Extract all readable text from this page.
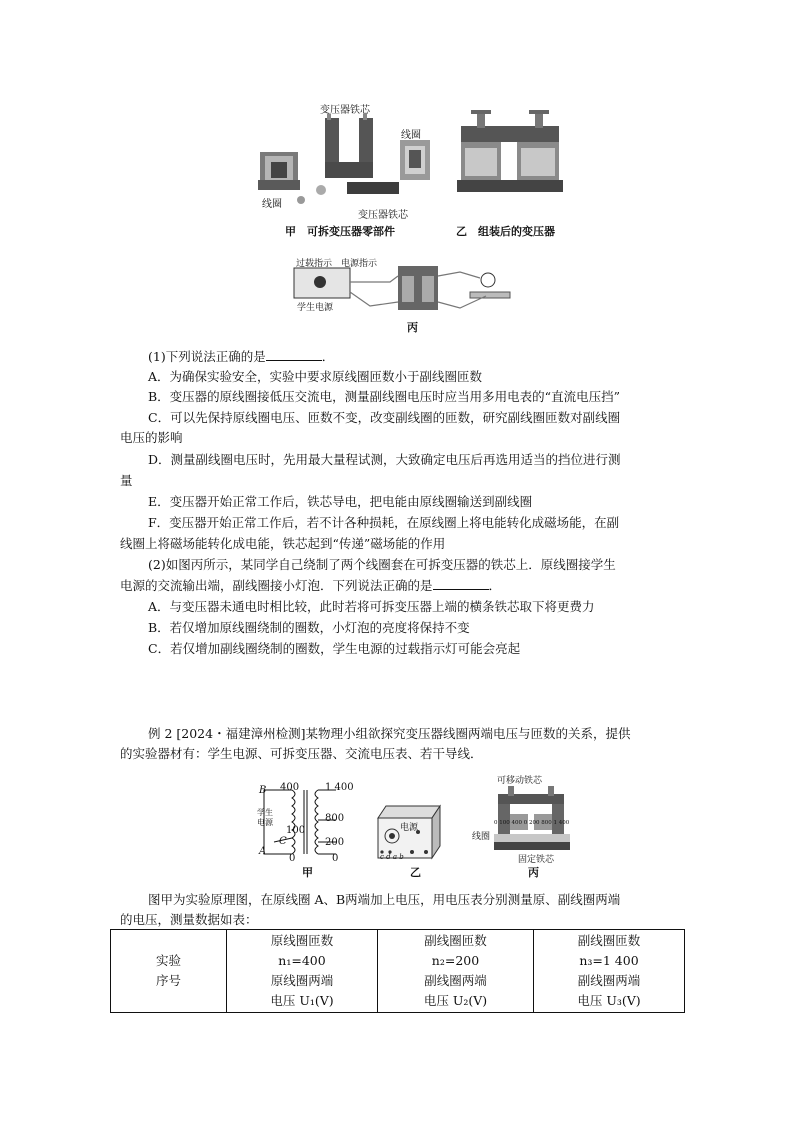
变压器铁芯
线圈
线圈
变压器铁芯
甲　可拆变压器零部件	乙　组装后的变压器
过载指示 电源指示
学生电源
丙
(1)下列说法正确的是	．
A．为确保实验安全，实验中要求原线圈匝数小于副线圈匝数
B．变压器的原线圈接低压交流电，测量副线圈电压时应当用多用电表的“直流电压挡”
C．可以先保持原线圈电压、匝数不变，改变副线圈的匝数，研究副线圈匝数对副线圈
电压的影响
D．测量副线圈电压时，先用最大量程试测，大致确定电压后再选用适当的挡位进行测
量
E．变压器开始正常工作后，铁芯导电，把电能由原线圈输送到副线圈
F．变压器开始正常工作后，若不计各种损耗，在原线圈上将电能转化成磁场能，在副
线圈上将磁场能转化成电能，铁芯起到“传递”磁场能的作用
(2)如图丙所示，某同学自己绕制了两个线圈套在可拆变压器的铁芯上．原线圈接学生
电源的交流输出端，副线圈接小灯泡．下列说法正确的是	．
A．与变压器未通电时相比较，此时若将可拆变压器上端的横条铁芯取下将更费力
B．若仅增加原线圈绕制的圈数，小灯泡的亮度将保持不变
C．若仅增加副线圈绕制的圈数，学生电源的过载指示灯可能会亮起
例 2 [2024・福建漳州检测]某物理小组欲探究变压器线圈两端电压与匝数的关系，提供
的实验器材有：学生电源、可拆变压器、交流电压表、若干导线．
B
A
C
400
100
0
1 400
800
200
0
学生电源
甲
电源
c d a b
乙
可移动铁芯
线圈
固定铁芯
0 100 400 0 200 800 1 400
丙
图甲为实验原理图，在原线圈 A、B两端加上电压，用电压表分别测量原、副线圈两端
的电压，测量数据如表：
实验
序号

原线圈匝数
n₁=400
原线圈两端
电压 U₁(V)

副线圈匝数
n₂=200
副线圈两端
电压 U₂(V)

副线圈匝数
n₃=1 400
副线圈两端
电压 U₃(V)
